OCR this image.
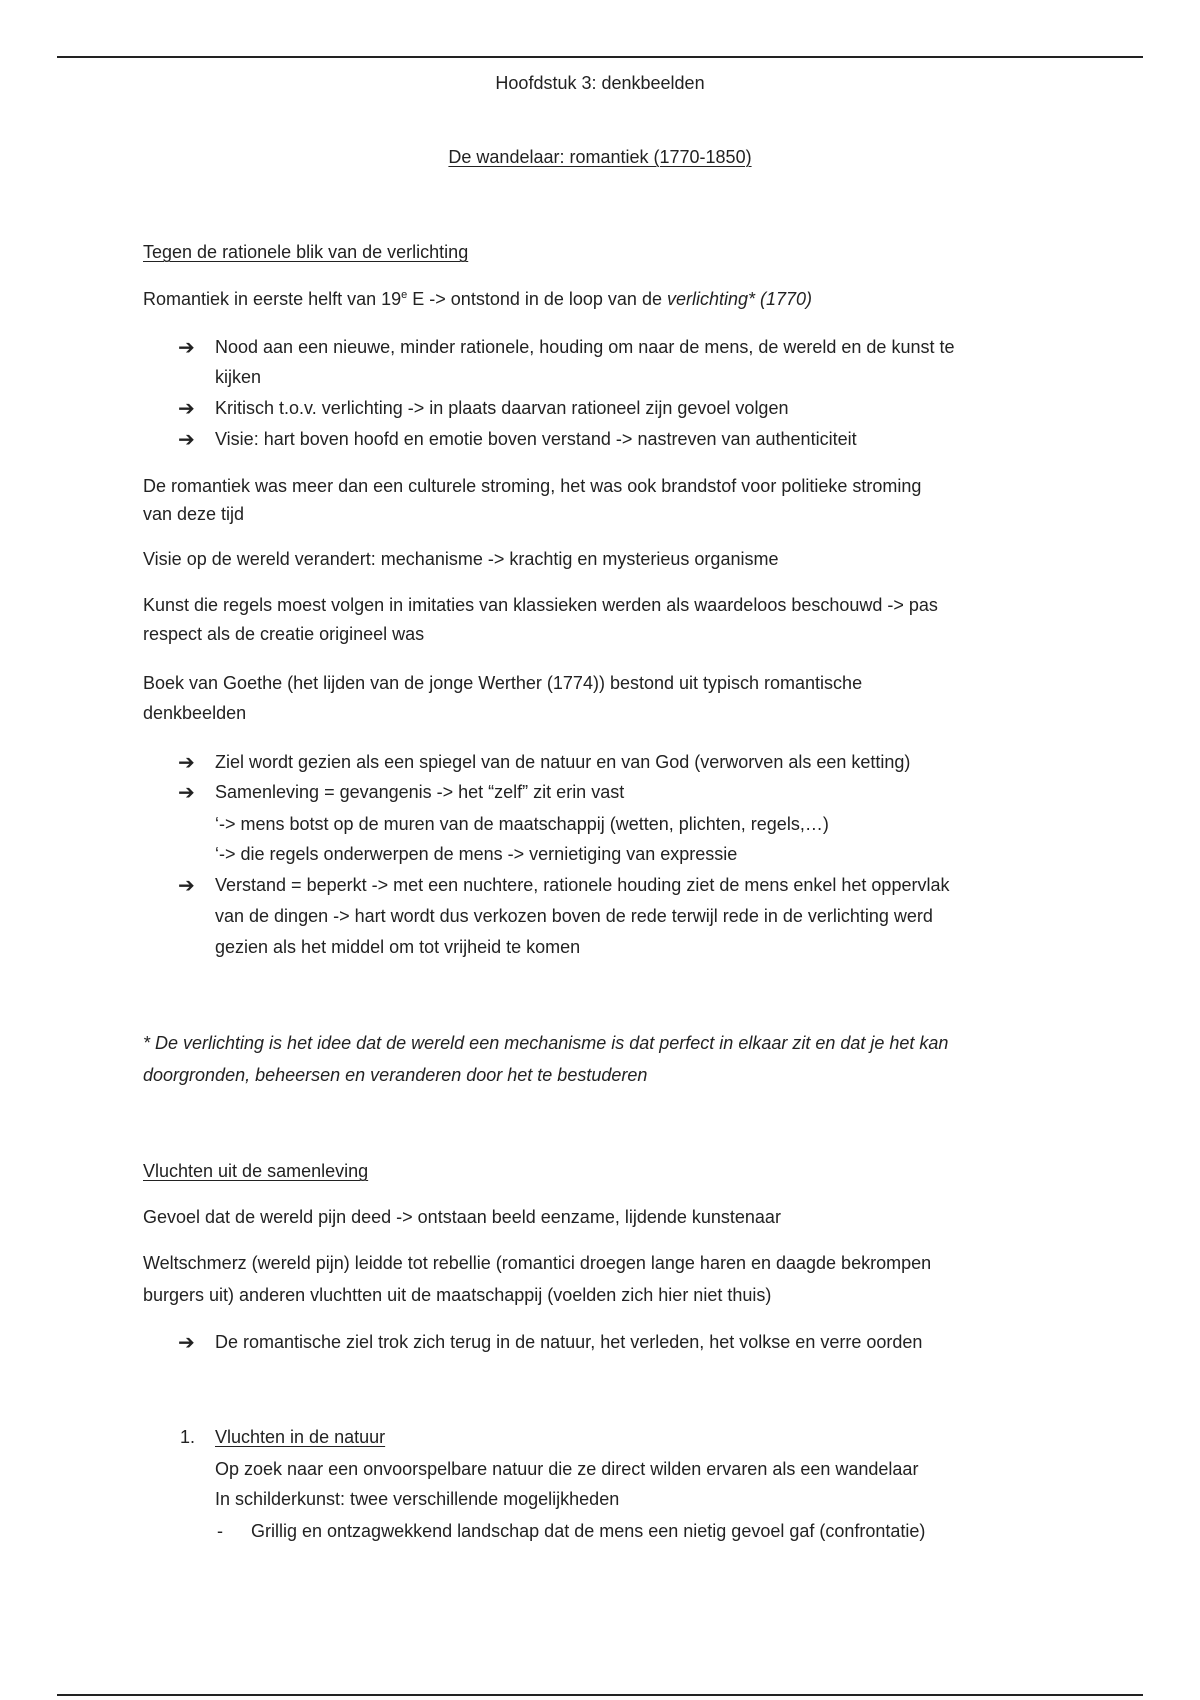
Hoofdstuk 3: denkbeelden
De wandelaar: romantiek (1770-1850)
Tegen de rationele blik van de verlichting
Romantiek in eerste helft van 19e E -> ontstond in de loop van de verlichting* (1770)
➔ Nood aan een nieuwe, minder rationele, houding om naar de mens, de wereld en de kunst te
kijken
➔ Kritisch t.o.v. verlichting -> in plaats daarvan rationeel zijn gevoel volgen
➔ Visie: hart boven hoofd en emotie boven verstand -> nastreven van authenticiteit
De romantiek was meer dan een culturele stroming, het was ook brandstof voor politieke stroming
van deze tijd
Visie op de wereld verandert: mechanisme -> krachtig en mysterieus organisme
Kunst die regels moest volgen in imitaties van klassieken werden als waardeloos beschouwd -> pas
respect als de creatie origineel was
Boek van Goethe (het lijden van de jonge Werther (1774)) bestond uit typisch romantische
denkbeelden
➔ Ziel wordt gezien als een spiegel van de natuur en van God (verworven als een ketting)
➔ Samenleving = gevangenis -> het “zelf” zit erin vast
‘-> mens botst op de muren van de maatschappij (wetten, plichten, regels,…)
‘-> die regels onderwerpen de mens -> vernietiging van expressie
➔ Verstand = beperkt -> met een nuchtere, rationele houding ziet de mens enkel het oppervlak
van de dingen -> hart wordt dus verkozen boven de rede terwijl rede in de verlichting werd
gezien als het middel om tot vrijheid te komen
* De verlichting is het idee dat de wereld een mechanisme is dat perfect in elkaar zit en dat je het kan
doorgronden, beheersen en veranderen door het te bestuderen
Vluchten uit de samenleving
Gevoel dat de wereld pijn deed -> ontstaan beeld eenzame, lijdende kunstenaar
Weltschmerz (wereld pijn) leidde tot rebellie (romantici droegen lange haren en daagde bekrompen
burgers uit) anderen vluchtten uit de maatschappij (voelden zich hier niet thuis)
➔ De romantische ziel trok zich terug in de natuur, het verleden, het volkse en verre oorden
1. Vluchten in de natuur
Op zoek naar een onvoorspelbare natuur die ze direct wilden ervaren als een wandelaar
In schilderkunst: twee verschillende mogelijkheden
- Grillig en ontzagwekkend landschap dat de mens een nietig gevoel gaf (confrontatie)
